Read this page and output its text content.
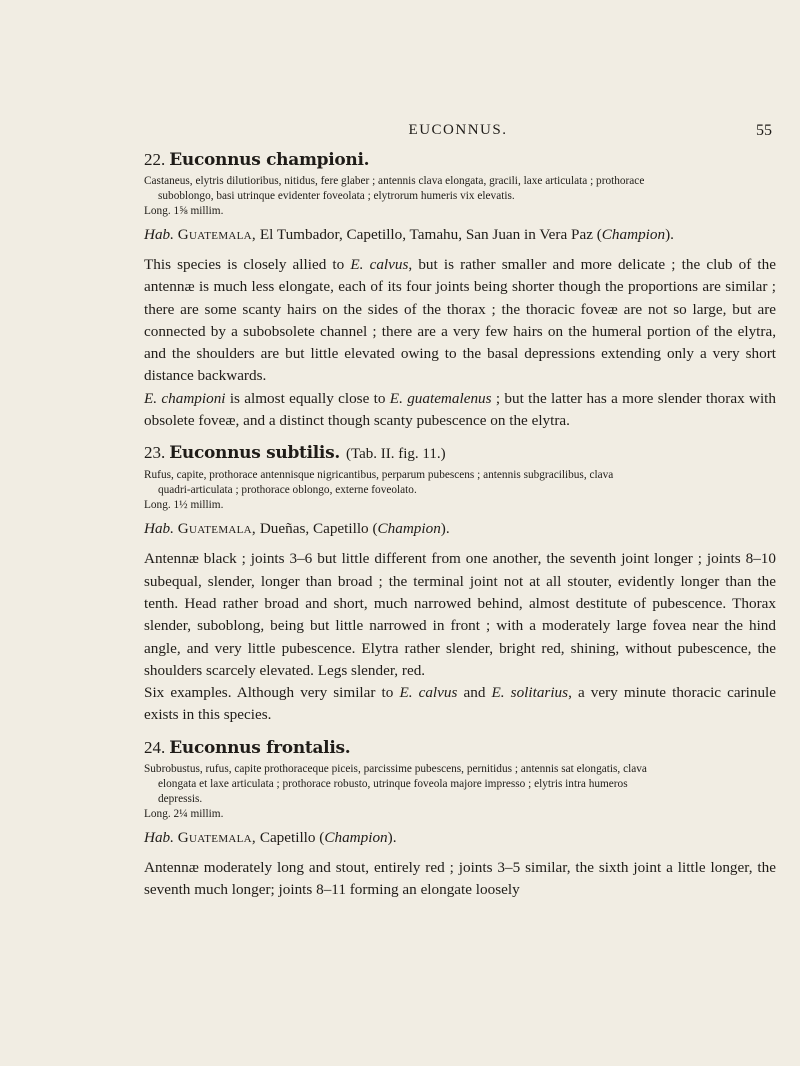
EUCONNUS.	55
22. Euconnus championi.
Castaneus, elytris dilutioribus, nitidus, fere glaber ; antennis clava elongata, gracili, laxe articulata ; prothorace
suboblongo, basi utrinque evidenter foveolata ; elytrorum humeris vix elevatis.
Long. 1⅝ millim.
Hab. Guatemala, El Tumbador, Capetillo, Tamahu, San Juan in Vera Paz (Champion).

This species is closely allied to E. calvus, but is rather smaller and more delicate ; the club of the antennæ is much less elongate, each of its four joints being shorter though the proportions are similar ; there are some scanty hairs on the sides of the thorax ; the thoracic foveæ are not so large, but are connected by a subobsolete channel ; there are a very few hairs on the humeral portion of the elytra, and the shoulders are but little elevated owing to the basal depressions extending only a very short distance backwards.

E. championi is almost equally close to E. guatemalenus ; but the latter has a more slender thorax with obsolete foveæ, and a distinct though scanty pubescence on the elytra.

23. Euconnus subtilis. (Tab. II. fig. 11.)
Rufus, capite, prothorace antennisque nigricantibus, perparum pubescens ; antennis subgracilibus, clava
quadri-articulata ; prothorace oblongo, externe foveolato.
Long. 1½ millim.
Hab. Guatemala, Dueñas, Capetillo (Champion).

Antennæ black ; joints 3–6 but little different from one another, the seventh joint longer ; joints 8–10 subequal, slender, longer than broad ; the terminal joint not at all stouter, evidently longer than the tenth. Head rather broad and short, much narrowed behind, almost destitute of pubescence. Thorax slender, suboblong, being but little narrowed in front ; with a moderately large fovea near the hind angle, and very little pubescence. Elytra rather slender, bright red, shining, without pubescence, the shoulders scarcely elevated. Legs slender, red.

Six examples. Although very similar to E. calvus and E. solitarius, a very minute thoracic carinule exists in this species.

24. Euconnus frontalis.
Subrobustus, rufus, capite prothoraceque piceis, parcissime pubescens, pernitidus ; antennis sat elongatis, clava
elongata et laxe articulata ; prothorace robusto, utrinque foveola majore impresso ; elytris intra humeros
depressis.
Long. 2¼ millim.
Hab. Guatemala, Capetillo (Champion).

Antennæ moderately long and stout, entirely red ; joints 3–5 similar, the sixth joint a little longer, the seventh much longer; joints 8–11 forming an elongate loosely
